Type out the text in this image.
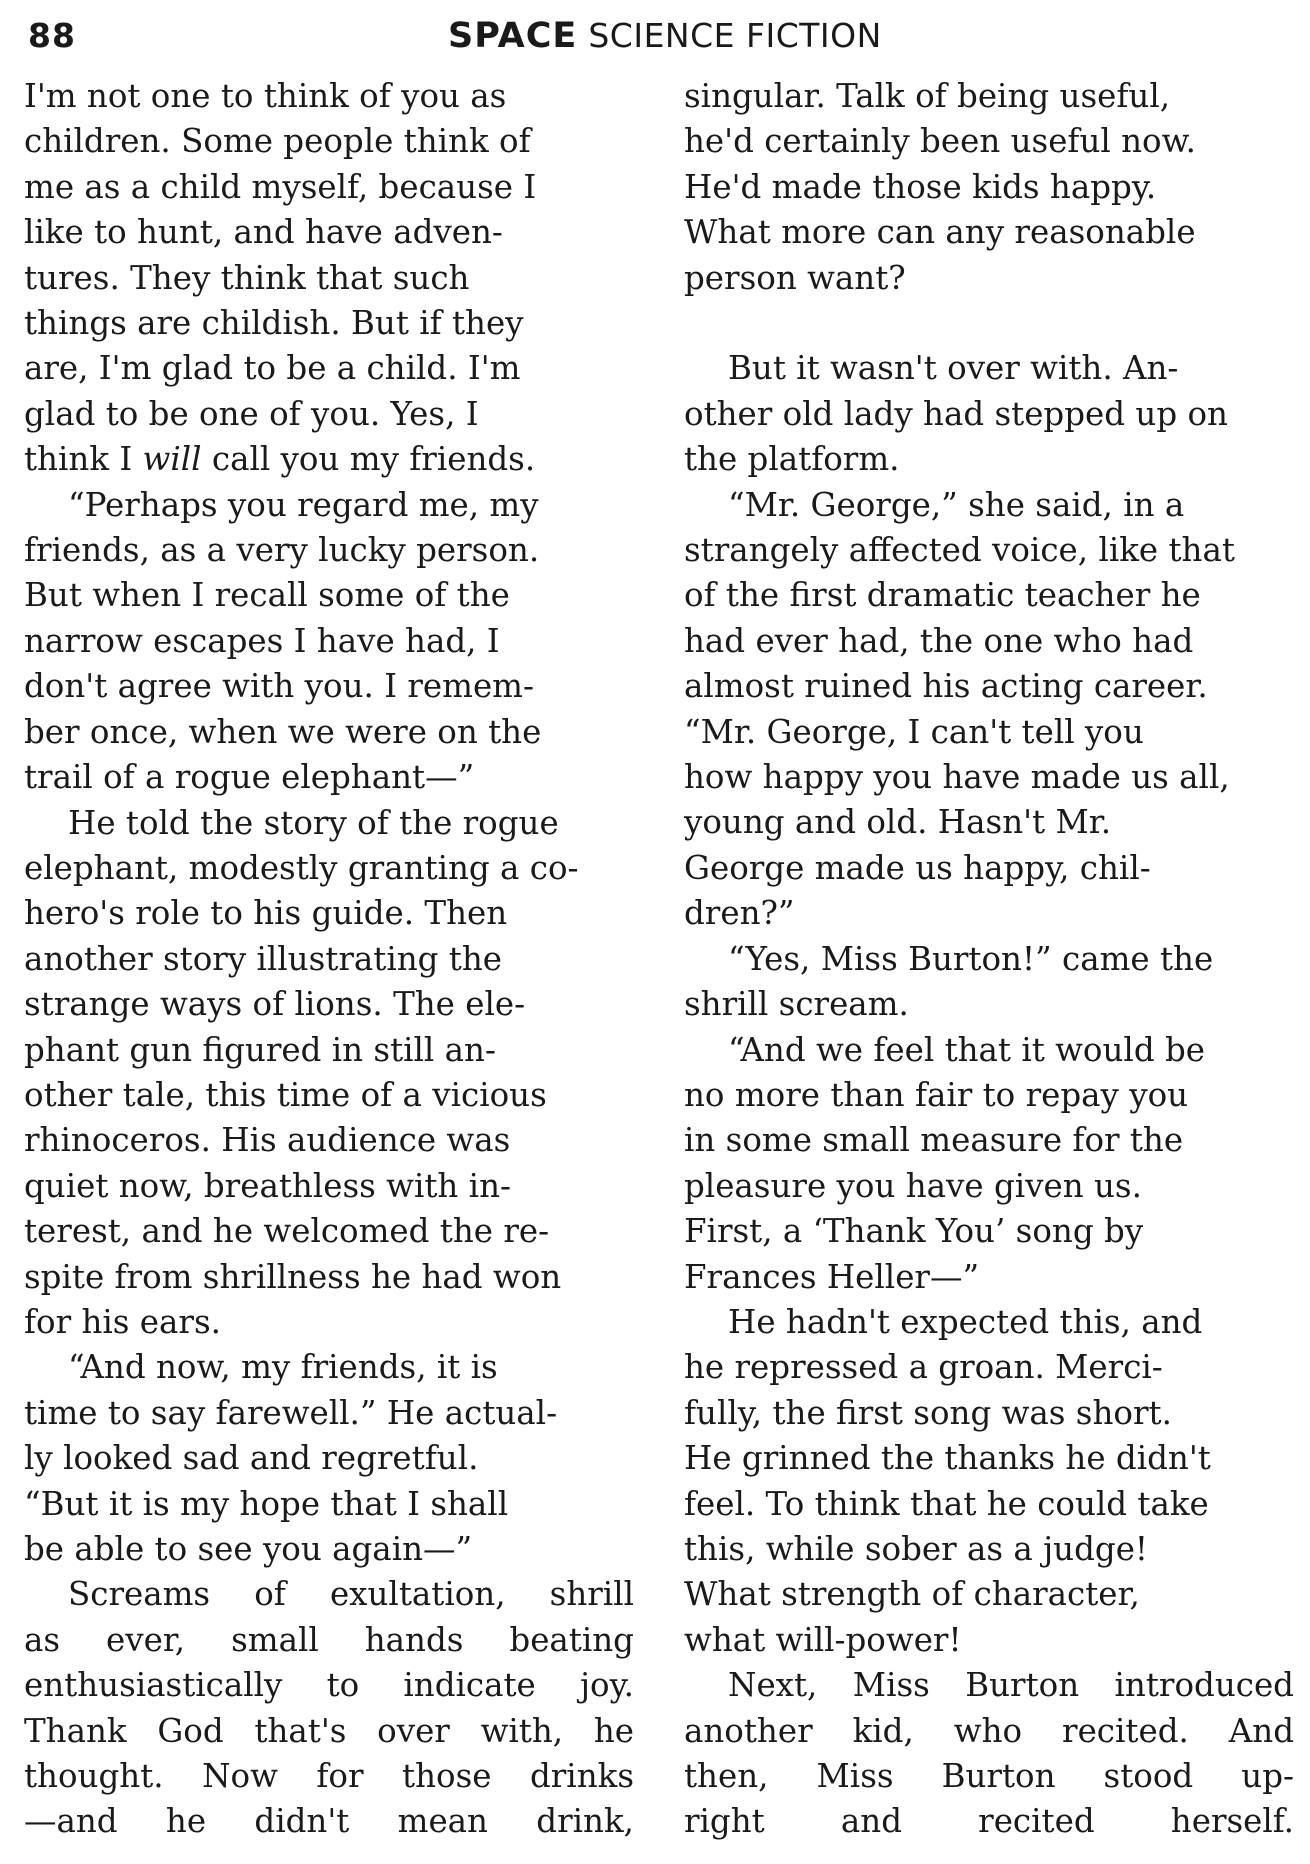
88	SPACE SCIENCE FICTION

I'm not one to think of you as
children. Some people think of
me as a child myself, because I
like to hunt, and have adven-
tures. They think that such
things are childish. But if they
are, I'm glad to be a child. I'm
glad to be one of you. Yes, I
think I will call you my friends.

“Perhaps you regard me, my
friends, as a very lucky person.
But when I recall some of the
narrow escapes I have had, I
don't agree with you. I remem-
ber once, when we were on the
trail of a rogue elephant—”

He told the story of the rogue
elephant, modestly granting a co-
hero's role to his guide. Then
another story illustrating the
strange ways of lions. The ele-
phant gun figured in still an-
other tale, this time of a vicious
rhinoceros. His audience was
quiet now, breathless with in-
terest, and he welcomed the re-
spite from shrillness he had won
for his ears.

“And now, my friends, it is
time to say farewell.” He actual-
ly looked sad and regretful.
“But it is my hope that I shall
be able to see you again—”

Screams of exultation, shrill
as ever, small hands beating
enthusiastically to indicate joy.
Thank God that's over with, he
thought. Now for those drinks
—and he didn't mean drink,

singular. Talk of being useful,
he'd certainly been useful now.
He'd made those kids happy.
What more can any reasonable
person want?

But it wasn't over with. An-
other old lady had stepped up on
the platform.

“Mr. George,” she said, in a
strangely affected voice, like that
of the first dramatic teacher he
had ever had, the one who had
almost ruined his acting career.
“Mr. George, I can't tell you
how happy you have made us all,
young and old. Hasn't Mr.
George made us happy, chil-
dren?”

“Yes, Miss Burton!” came the
shrill scream.

“And we feel that it would be
no more than fair to repay you
in some small measure for the
pleasure you have given us.
First, a ‘Thank You’ song by
Frances Heller—”

He hadn't expected this, and
he repressed a groan. Merci-
fully, the first song was short.
He grinned the thanks he didn't
feel. To think that he could take
this, while sober as a judge!
What strength of character,
what will-power!

Next, Miss Burton introduced
another kid, who recited. And
then, Miss Burton stood up-
right and recited herself.
